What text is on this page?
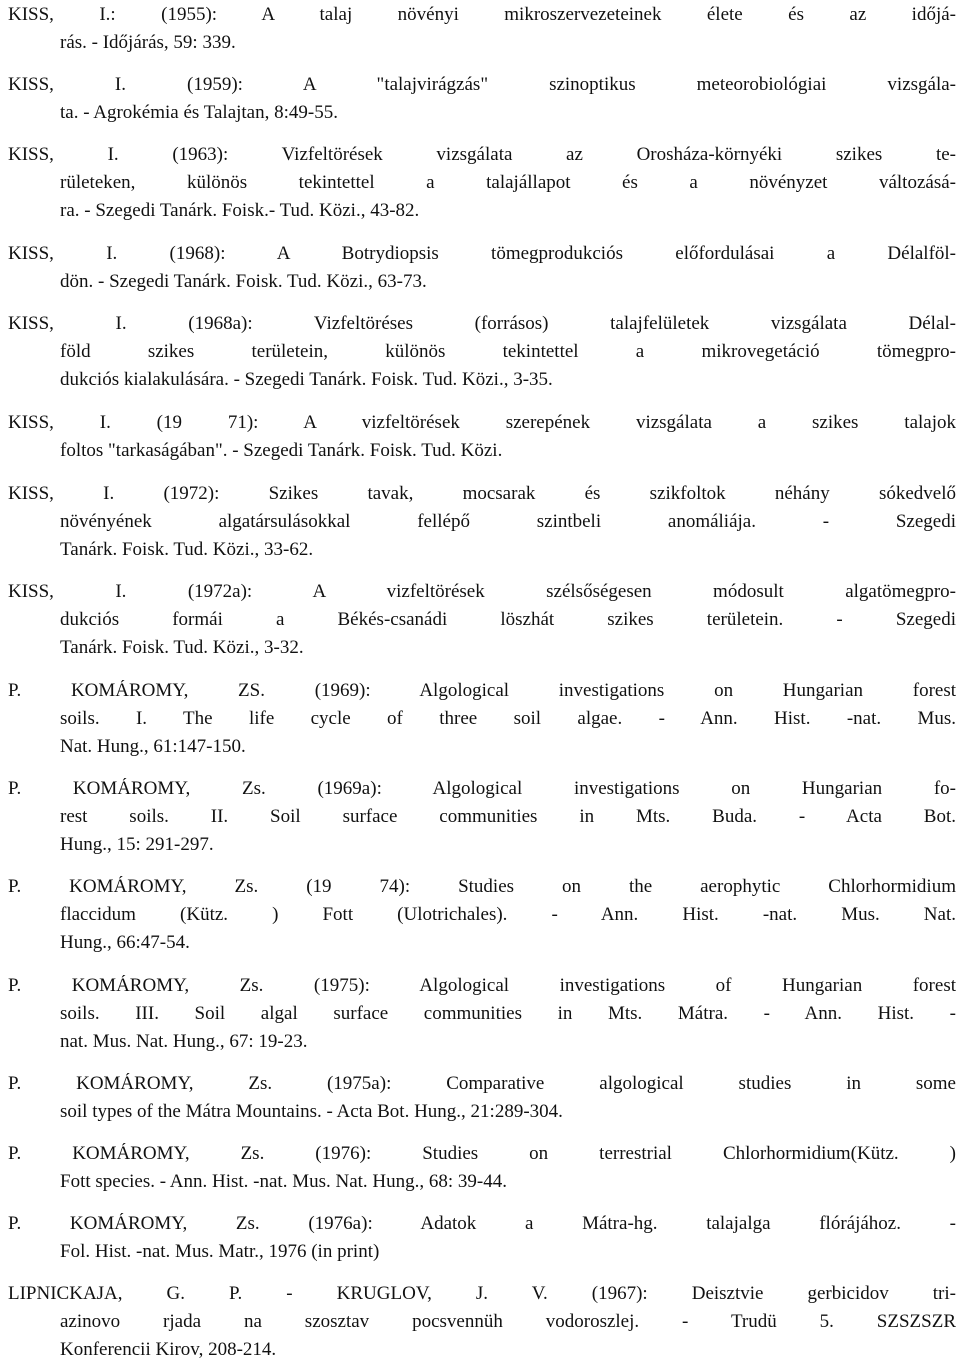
KISS, I.: (1955): A talaj növényi mikroszervezeteinek élete és az időjá-
rás. - Időjárás, 59: 339.
KISS, I. (1959): A "talajvirágzás" szinoptikus meteorobiológiai vizsgála-
ta. - Agrokémia és Talajtan, 8:49-55.
KISS, I. (1963): Vizfeltörések vizsgálata az Orosháza-környéki szikes te-
rületeken, különös tekintettel a talajállapot és a növényzet változásá-
ra. - Szegedi Tanárk. Foisk.- Tud. Közi., 43-82.
KISS, I. (1968): A Botrydiopsis tömegprodukciós előfordulásai a Délalföl-
dön. - Szegedi Tanárk. Foisk. Tud. Közi., 63-73.
KISS, I. (1968a): Vizfeltöréses (forrásos) talajfelületek vizsgálata Délal-
föld szikes területein, különös tekintettel a mikrovegetáció tömegpro-
dukciós kialakulására. - Szegedi Tanárk. Foisk. Tud. Közi., 3-35.
KISS, I. (19 71): A vizfeltörések szerepének vizsgálata a szikes talajok
foltos "tarkaságában". - Szegedi Tanárk. Foisk. Tud. Közi.
KISS, I. (1972): Szikes tavak, mocsarak és szikfoltok néhány sókedvelő
növényének algatársulásokkal fellépő szintbeli anomáliája. - Szegedi
Tanárk. Foisk. Tud. Közi., 33-62.
KISS, I. (1972a): A vizfeltörések szélsőségesen módosult algatömegpro-
dukciós formái a Békés-csanádi löszhát szikes területein. - Szegedi
Tanárk. Foisk. Tud. Közi., 3-32.
P. KOMÁROMY, ZS. (1969): Algological investigations on Hungarian forest
soils. I. The life cycle of three soil algae. - Ann. Hist. -nat. Mus.
Nat. Hung., 61:147-150.
P. KOMÁROMY, Zs. (1969a): Algological investigations on Hungarian fo-
rest soils. II. Soil surface communities in Mts. Buda. - Acta Bot.
Hung., 15: 291-297.
P. KOMÁROMY, Zs. (19 74): Studies on the aerophytic Chlorhormidium
flaccidum (Kütz. ) Fott (Ulotrichales). - Ann. Hist. -nat. Mus. Nat.
Hung., 66:47-54.
P. KOMÁROMY, Zs. (1975): Algological investigations of Hungarian forest
soils. III. Soil algal surface communities in Mts. Mátra. - Ann. Hist. -
nat. Mus. Nat. Hung., 67: 19-23.
P. KOMÁROMY, Zs. (1975a): Comparative algological studies in some
soil types of the Mátra Mountains. - Acta Bot. Hung., 21:289-304.
P. KOMÁROMY, Zs. (1976): Studies on terrestrial Chlorhormidium(Kütz. )
Fott species. - Ann. Hist. -nat. Mus. Nat. Hung., 68: 39-44.
P. KOMÁROMY, Zs. (1976a): Adatok a Mátra-hg. talajalga flórájához. -
Fol. Hist. -nat. Mus. Matr., 1976 (in print)
LIPNICKAJA, G. P. - KRUGLOV, J. V. (1967): Deisztvie gerbicidov tri-
azinovo rjada na szosztav pocsvennüh vodoroszlej. - Trudü 5. SZSZSZR
Konferencii Kirov, 208-214.
